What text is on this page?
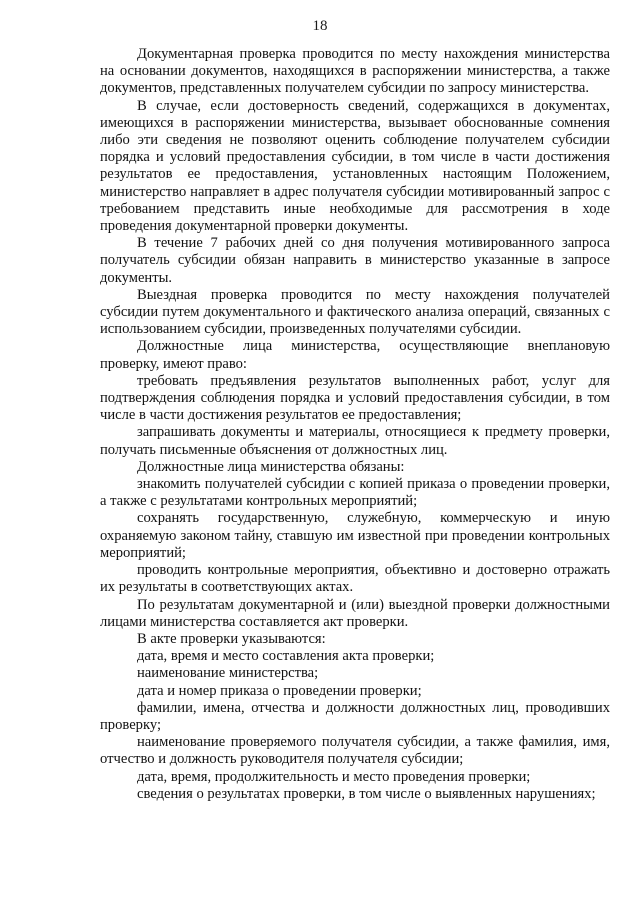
18

Документарная проверка проводится по месту нахождения министерства на основании документов, находящихся в распоряжении министерства, а также документов, представленных получателем субсидии по запросу министерства.

В случае, если достоверность сведений, содержащихся в документах, имеющихся в распоряжении министерства, вызывает обоснованные сомнения либо эти сведения не позволяют оценить соблюдение получателем субсидии порядка и условий предоставления субсидии, в том числе в части достижения результатов ее предоставления, установленных настоящим Положением, министерство направляет в адрес получателя субсидии мотивированный запрос с требованием представить иные необходимые для рассмотрения в ходе проведения документарной проверки документы.

В течение 7 рабочих дней со дня получения мотивированного запроса получатель субсидии обязан направить в министерство указанные в запросе документы.

Выездная проверка проводится по месту нахождения получателей субсидии путем документального и фактического анализа операций, связанных с использованием субсидии, произведенных получателями субсидии.

Должностные лица министерства, осуществляющие внеплановую проверку, имеют право:

требовать предъявления результатов выполненных работ, услуг для подтверждения соблюдения порядка и условий предоставления субсидии, в том числе в части достижения результатов ее предоставления;

запрашивать документы и материалы, относящиеся к предмету проверки, получать письменные объяснения от должностных лиц.

Должностные лица министерства обязаны:

знакомить получателей субсидии с копией приказа о проведении проверки, а также с результатами контрольных мероприятий;

сохранять государственную, служебную, коммерческую и иную охраняемую законом тайну, ставшую им известной при проведении контрольных мероприятий;

проводить контрольные мероприятия, объективно и достоверно отражать их результаты в соответствующих актах.

По результатам документарной и (или) выездной проверки должностными лицами министерства составляется акт проверки.

В акте проверки указываются:

дата, время и место составления акта проверки;

наименование министерства;

дата и номер приказа о проведении проверки;

фамилии, имена, отчества и должности должностных лиц, проводивших проверку;

наименование проверяемого получателя субсидии, а также фамилия, имя, отчество и должность руководителя получателя субсидии;

дата, время, продолжительность и место проведения проверки;

сведения о результатах проверки, в том числе о выявленных нарушениях;
